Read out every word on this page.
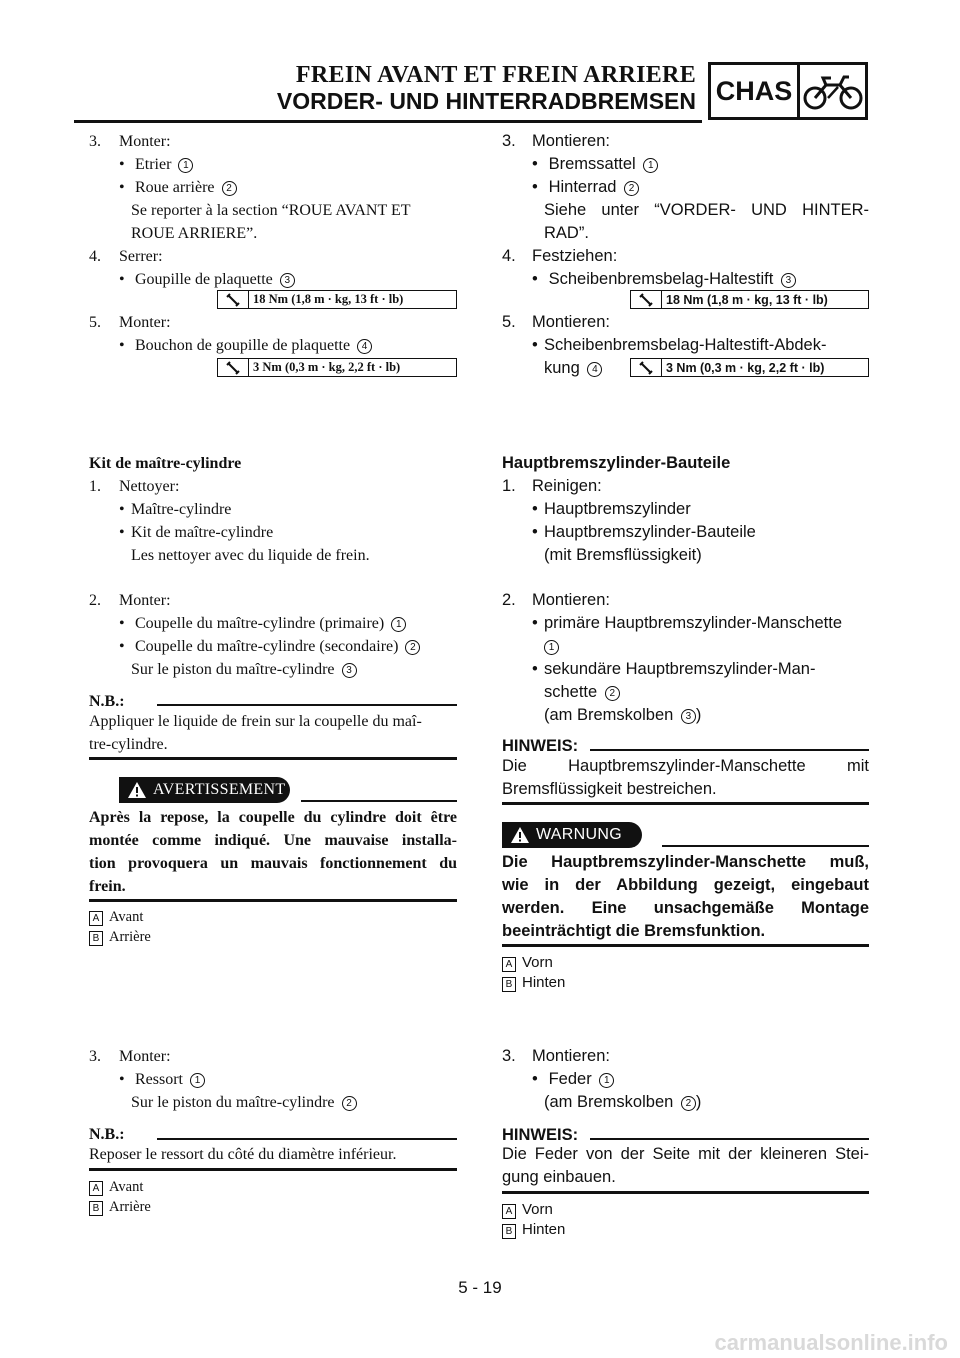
FREIN AVANT ET FREIN ARRIERE
VORDER- UND HINTERRADBREMSEN CHAS
3. Monter:
• Etrier 1
• Roue arrière 2
Se reporter à la section “ROUE AVANT ET
ROUE ARRIERE”.
4. Serrer:
• Goupille de plaquette 3
18 Nm (1,8 m · kg, 13 ft · lb)
5. Monter:
• Bouchon de goupille de plaquette 4
3 Nm (0,3 m · kg, 2,2 ft · lb)
Kit de maître-cylindre
1. Nettoyer:
• Maître-cylindre
• Kit de maître-cylindre
Les nettoyer avec du liquide de frein.
2. Monter:
• Coupelle du maître-cylindre (primaire) 1
• Coupelle du maître-cylindre (secondaire) 2
Sur le piston du maître-cylindre 3
N.B.:
Appliquer le liquide de frein sur la coupelle du maî-
tre-cylindre.
AVERTISSEMENT
Après la repose, la coupelle du cylindre doit être
montée comme indiqué. Une mauvaise installa-
tion provoquera un mauvais fonctionnement du
frein.
A Avant
B Arrière
3. Monter:
• Ressort 1
Sur le piston du maître-cylindre 2
N.B.:
Reposer le ressort du côté du diamètre inférieur.
A Avant
B Arrière
3. Montieren:
• Bremssattel 1
• Hinterrad 2
Siehe unter “VORDER- UND HINTER-
RAD”.
4. Festziehen:
• Scheibenbremsbelag-Haltestift 3
18 Nm (1,8 m · kg, 13 ft · lb)
5. Montieren:
• Scheibenbremsbelag-Haltestift-Abdek-
kung 4	3 Nm (0,3 m · kg, 2,2 ft · lb)
Hauptbremszylinder-Bauteile
1. Reinigen:
• Hauptbremszylinder
• Hauptbremszylinder-Bauteile
(mit Bremsflüssigkeit)
2. Montieren:
• primäre Hauptbremszylinder-Manschette
1
• sekundäre Hauptbremszylinder-Man-
schette 2
(am Bremskolben 3 )
HINWEIS:
Die Hauptbremszylinder-Manschette mit
Bremsflüssigkeit bestreichen.
WARNUNG
Die Hauptbremszylinder-Manschette muß,
wie in der Abbildung gezeigt, eingebaut
werden. Eine unsachgemäße Montage
beeinträchtigt die Bremsfunktion.
A Vorn
B Hinten
3. Montieren:
• Feder 1
(am Bremskolben 2 )
HINWEIS:
Die Feder von der Seite mit der kleineren Stei-
gung einbauen.
A Vorn
B Hinten
5 - 19
carmanualsonline.info
